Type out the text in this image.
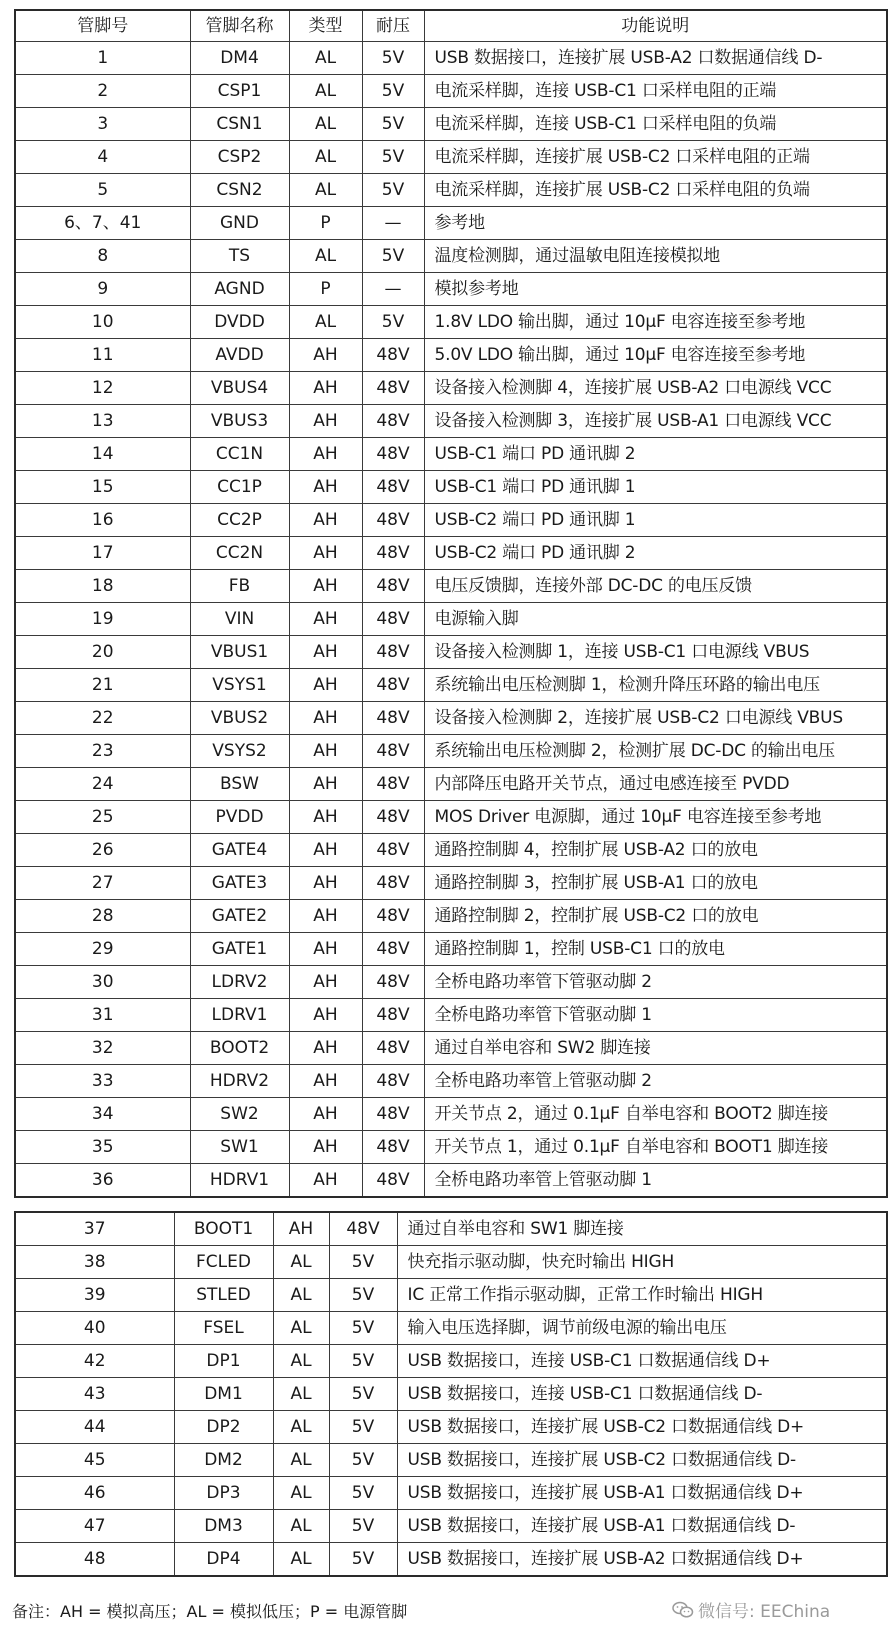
管脚号	管脚名称	类型	耐压	功能说明
1	DM4	AL	5V	USB 数据接口，连接扩展 USB-A2 口数据通信线 D-
2	CSP1	AL	5V	电流采样脚，连接 USB-C1 口采样电阻的正端
3	CSN1	AL	5V	电流采样脚，连接 USB-C1 口采样电阻的负端
4	CSP2	AL	5V	电流采样脚，连接扩展 USB-C2 口采样电阻的正端
5	CSN2	AL	5V	电流采样脚，连接扩展 USB-C2 口采样电阻的负端
6、7、41	GND	P	—	参考地
8	TS	AL	5V	温度检测脚，通过温敏电阻连接模拟地
9	AGND	P	—	模拟参考地
10	DVDD	AL	5V	1.8V LDO 输出脚，通过 10μF 电容连接至参考地
11	AVDD	AH	48V	5.0V LDO 输出脚，通过 10μF 电容连接至参考地
12	VBUS4	AH	48V	设备接入检测脚 4，连接扩展 USB-A2 口电源线 VCC
13	VBUS3	AH	48V	设备接入检测脚 3，连接扩展 USB-A1 口电源线 VCC
14	CC1N	AH	48V	USB-C1 端口 PD 通讯脚 2
15	CC1P	AH	48V	USB-C1 端口 PD 通讯脚 1
16	CC2P	AH	48V	USB-C2 端口 PD 通讯脚 1
17	CC2N	AH	48V	USB-C2 端口 PD 通讯脚 2
18	FB	AH	48V	电压反馈脚，连接外部 DC-DC 的电压反馈
19	VIN	AH	48V	电源输入脚
20	VBUS1	AH	48V	设备接入检测脚 1，连接 USB-C1 口电源线 VBUS
21	VSYS1	AH	48V	系统输出电压检测脚 1，检测升降压环路的输出电压
22	VBUS2	AH	48V	设备接入检测脚 2，连接扩展 USB-C2 口电源线 VBUS
23	VSYS2	AH	48V	系统输出电压检测脚 2，检测扩展 DC-DC 的输出电压
24	BSW	AH	48V	内部降压电路开关节点，通过电感连接至 PVDD
25	PVDD	AH	48V	MOS Driver 电源脚，通过 10μF 电容连接至参考地
26	GATE4	AH	48V	通路控制脚 4，控制扩展 USB-A2 口的放电
27	GATE3	AH	48V	通路控制脚 3，控制扩展 USB-A1 口的放电
28	GATE2	AH	48V	通路控制脚 2，控制扩展 USB-C2 口的放电
29	GATE1	AH	48V	通路控制脚 1，控制 USB-C1 口的放电
30	LDRV2	AH	48V	全桥电路功率管下管驱动脚 2
31	LDRV1	AH	48V	全桥电路功率管下管驱动脚 1
32	BOOT2	AH	48V	通过自举电容和 SW2 脚连接
33	HDRV2	AH	48V	全桥电路功率管上管驱动脚 2
34	SW2	AH	48V	开关节点 2，通过 0.1μF 自举电容和 BOOT2 脚连接
35	SW1	AH	48V	开关节点 1，通过 0.1μF 自举电容和 BOOT1 脚连接
36	HDRV1	AH	48V	全桥电路功率管上管驱动脚 1
37	BOOT1	AH	48V	通过自举电容和 SW1 脚连接
38	FCLED	AL	5V	快充指示驱动脚，快充时输出 HIGH
39	STLED	AL	5V	IC 正常工作指示驱动脚，正常工作时输出 HIGH
40	FSEL	AL	5V	输入电压选择脚，调节前级电源的输出电压
42	DP1	AL	5V	USB 数据接口，连接 USB-C1 口数据通信线 D+
43	DM1	AL	5V	USB 数据接口，连接 USB-C1 口数据通信线 D-
44	DP2	AL	5V	USB 数据接口，连接扩展 USB-C2 口数据通信线 D+
45	DM2	AL	5V	USB 数据接口，连接扩展 USB-C2 口数据通信线 D-
46	DP3	AL	5V	USB 数据接口，连接扩展 USB-A1 口数据通信线 D+
47	DM3	AL	5V	USB 数据接口，连接扩展 USB-A1 口数据通信线 D-
48	DP4	AL	5V	USB 数据接口，连接扩展 USB-A2 口数据通信线 D+
备注：AH = 模拟高压；AL = 模拟低压；P = 电源管脚	微信号: EEChina
